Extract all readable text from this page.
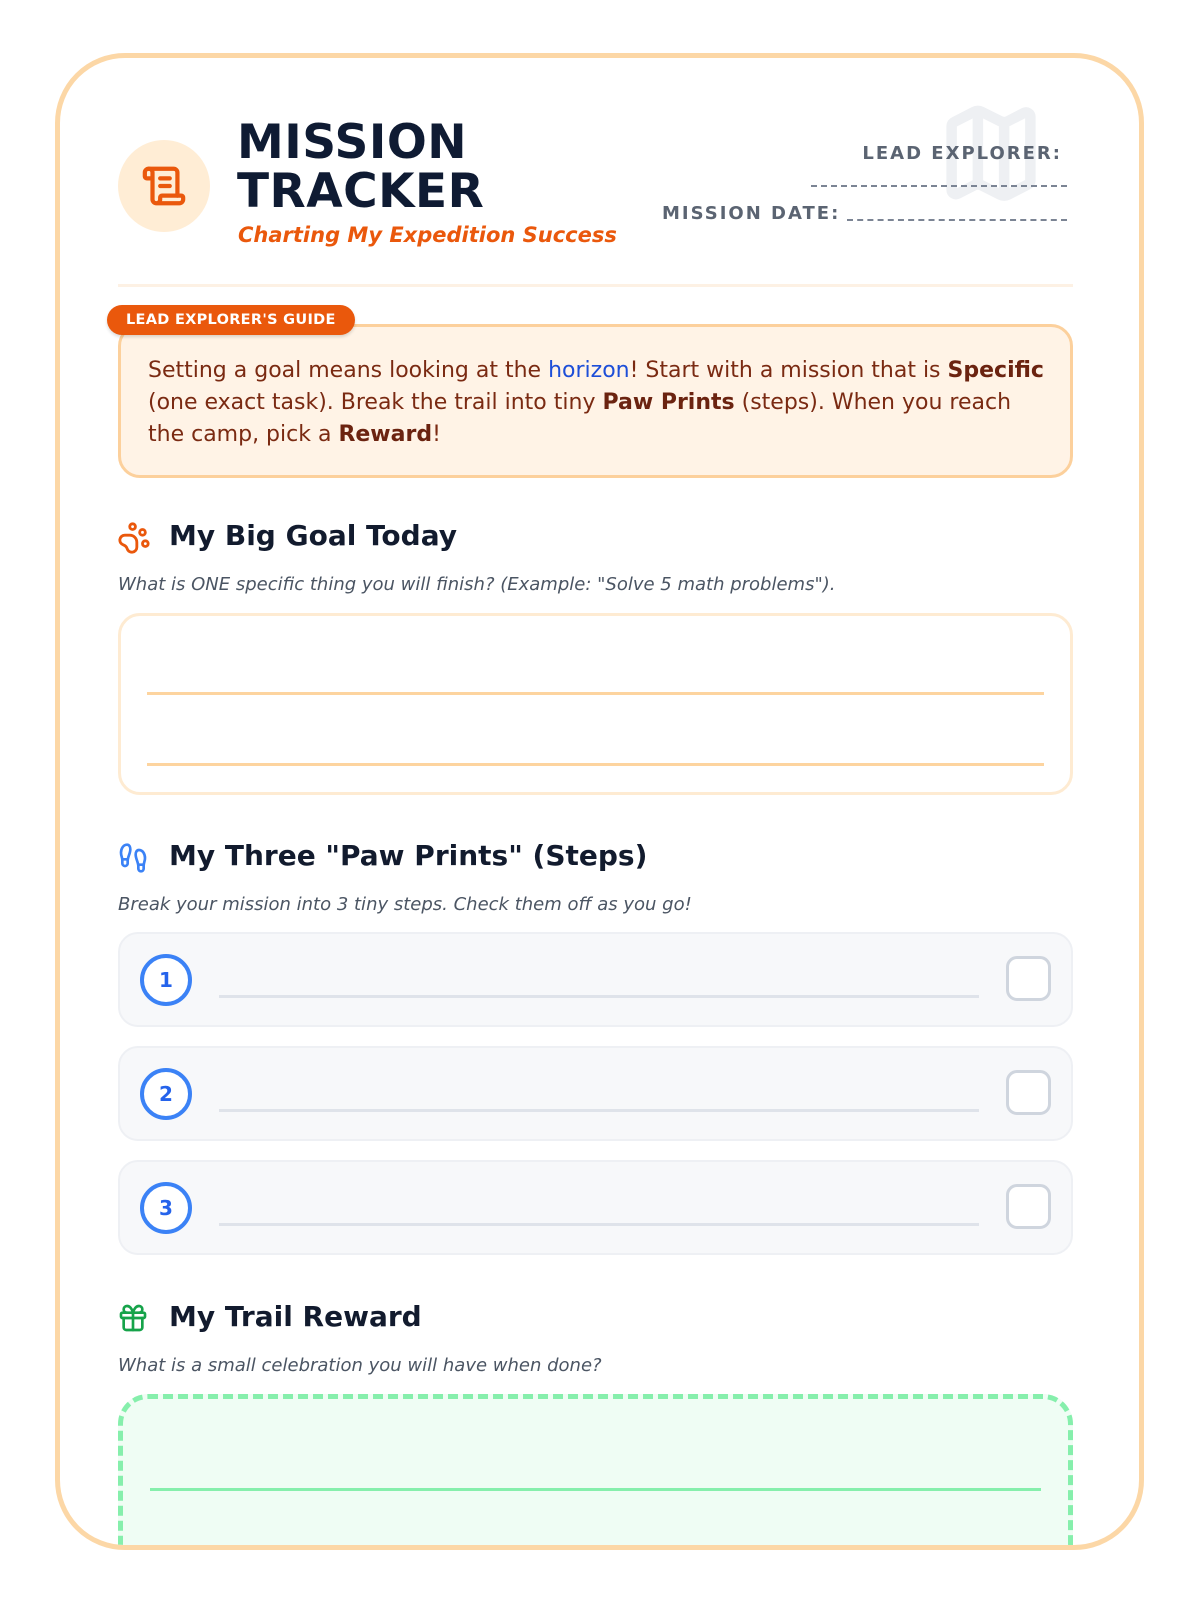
MISSION
TRACKER
Charting My Expedition Success
LEAD EXPLORER:
MISSION DATE:

Setting a goal means looking at the horizon! Start with a mission that is Specific (one exact task). Break the trail into tiny Paw Prints (steps). When you reach the camp, pick a Reward!

LEAD EXPLORER'S GUIDE
My Big Goal Today
What is ONE specific thing you will finish? (Example: "Solve 5 math problems").
My Three "Paw Prints" (Steps)
Break your mission into 3 tiny steps. Check them off as you go!
1
2
3
My Trail Reward
What is a small celebration you will have when done?
